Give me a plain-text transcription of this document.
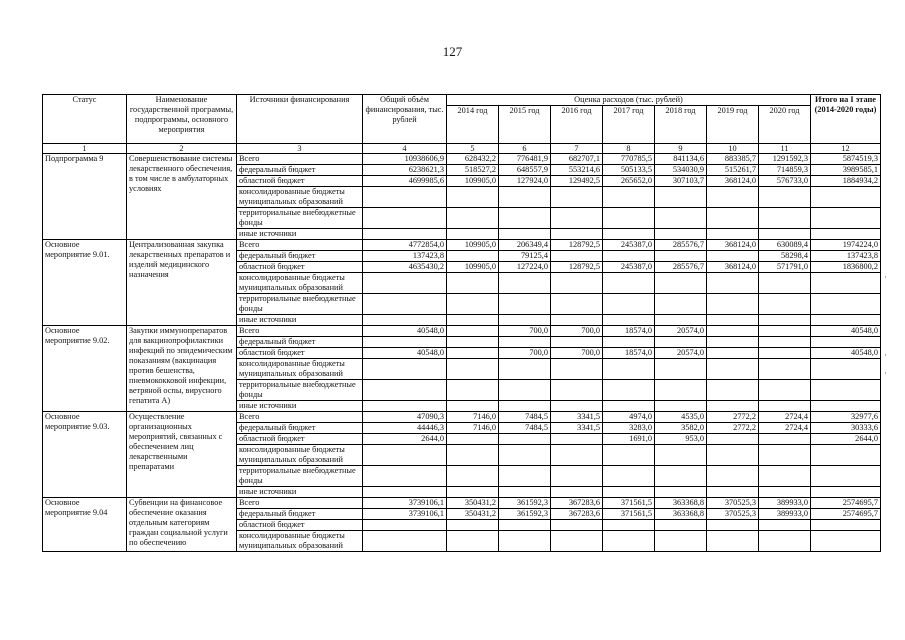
127
Статус	Наименование государственной программы, подпрограммы, основного мероприятия	Источники финансирования	Общий объём финансирования, тыс. рублей	Оценка расходов (тыс. рублей)							Итого на I этапе (2014-2020 годы)
				2014 год	2015 год	2016 год	2017 год	2018 год	2019 год	2020 год	
1	2	3	4	5	6	7	8	9	10	11	12
Подпрограмма 9	Совершенствование системы лекарственного обеспечения, в том числе в амбулаторных условиях	Всего	10938606,9	628432,2	776481,9	682707,1	770785,5	841134,6	883385,7	1291592,3	5874519,3
		федеральный бюджет	6238621,3	518527,2	648557,9	553214,6	505133,5	534030,9	515261,7	714859,3	3989585,1
		областной бюджет	4699985,6	109905,0	127924,0	129492,5	265652,0	307103,7	368124,0	576733,0	1884934,2
		консолидированные бюджеты муниципальных образований									
		территориальные внебюджетные фонды									
		иные источники									
Основное мероприятие 9.01.	Централизованная закупка лекарственных препаратов и изделий медицинского назначения	Всего	4772854,0	109905,0	206349,4	128792,5	245387,0	285576,7	368124,0	630089,4	1974224,0
		федеральный бюджет	137423,8		79125,4					58298,4	137423,8
		областной бюджет	4635430,2	109905,0	127224,0	128792,5	245387,0	285576,7	368124,0	571791,0	1836800,2
		консолидированные бюджеты муниципальных образований									
		территориальные внебюджетные фонды									
		иные источники									
Основное мероприятие 9.02.	Закупки иммунопрепаратов для вакцинопрофилактики инфекций по эпидемическим показаниям (вакцинация против бешенства, пневмококковой инфекции, ветряной оспы, вирусного гепатита А)	Всего	40548,0		700,0	700,0	18574,0	20574,0			40548,0
		федеральный бюджет									
		областной бюджет	40548,0		700,0	700,0	18574,0	20574,0			40548,0
		консолидированные бюджеты муниципальных образований									
		территориальные внебюджетные фонды									
		иные источники									
Основное мероприятие 9.03.	Осуществление организационных мероприятий, связанных с обеспечением лиц лекарственными препаратами	Всего	47090,3	7146,0	7484,5	3341,5	4974,0	4535,0	2772,2	2724,4	32977,6
		федеральный бюджет	44446,3	7146,0	7484,5	3341,5	3283,0	3582,0	2772,2	2724,4	30333,6
		областной бюджет	2644,0				1691,0	953,0			2644,0
		консолидированные бюджеты муниципальных образований									
		территориальные внебюджетные фонды									
		иные источники									
Основное мероприятие 9.04	Субвенции на финансовое обеспечение оказания отдельным категориям граждан социальной услуги по обеспечению	Всего	3739106,1	350431,2	361592,3	367283,6	371561,5	363368,8	370525,3	389933,0	2574695,7
		федеральный бюджет	3739106,1	350431,2	361592,3	367283,6	371561,5	363368,8	370525,3	389933,0	2574695,7
		областной бюджет									
		консолидированные бюджеты муниципальных образований									
·
·
·
